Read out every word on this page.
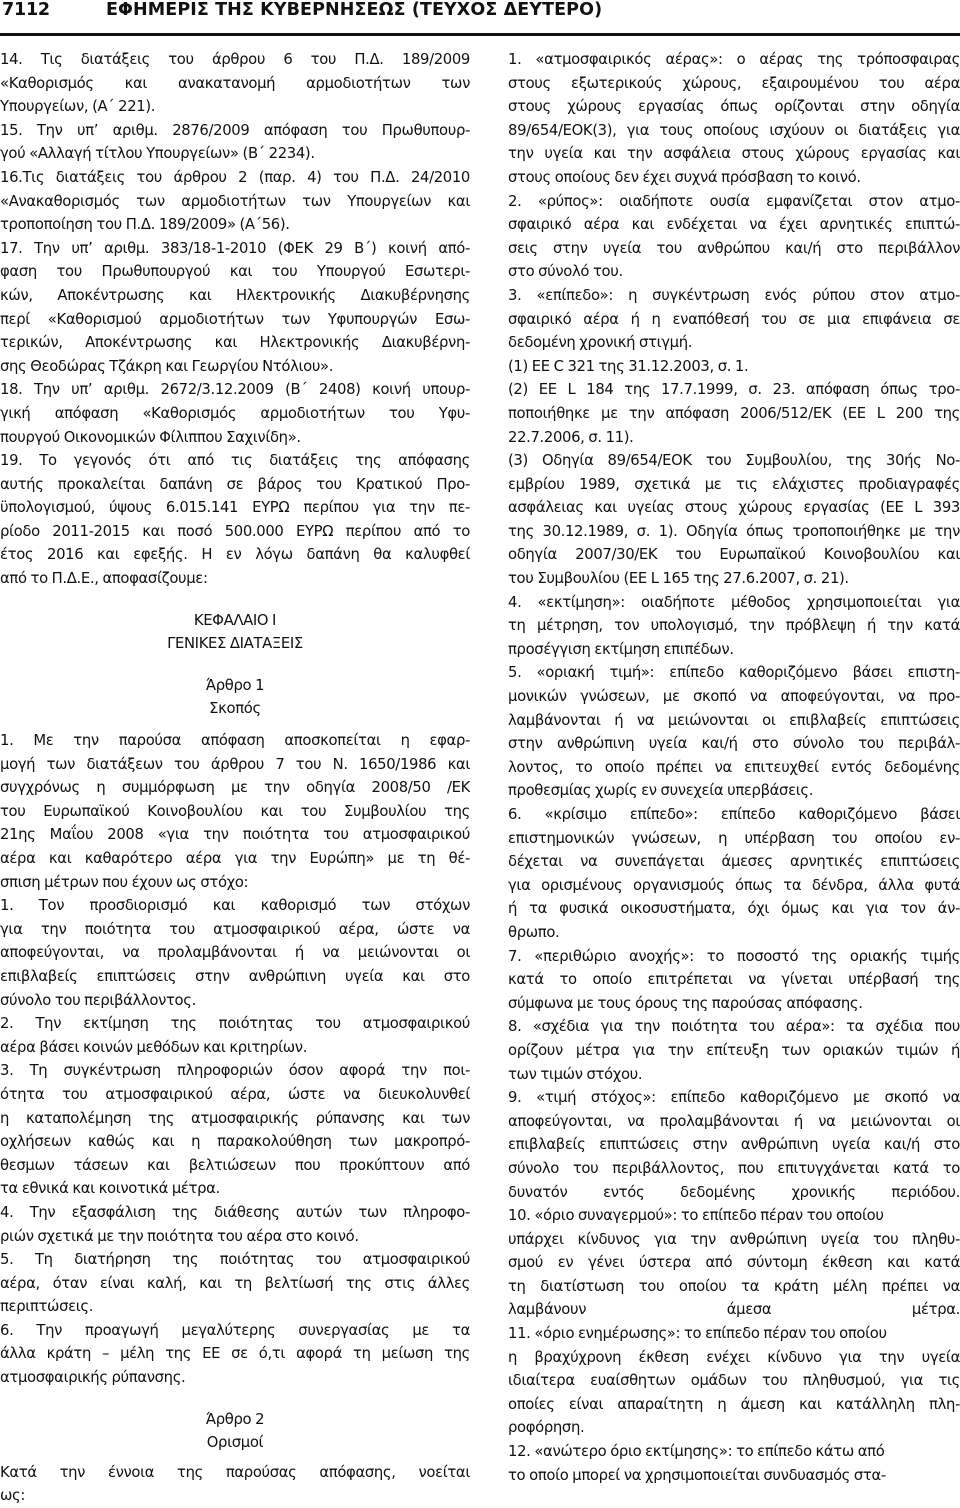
7112	ΕΦΗΜΕΡΙΣ ΤΗΣ ΚΥΒΕΡΝΗΣΕΩΣ (ΤΕΥΧΟΣ ΔΕΥΤΕΡΟ)
14. Τις διατάξεις του άρθρου 6 του Π.Δ. 189/2009
«Καθορισμός και ανακατανομή αρμοδιοτήτων των
Υπουργείων, (Α΄ 221).
15. Την υπ’ αριθμ. 2876/2009 απόφαση του Πρωθυπουρ-
γού «Αλλαγή τίτλου Υπουργείων» (Β΄ 2234).
16.Τις διατάξεις του άρθρου 2 (παρ. 4) του Π.Δ. 24/2010
«Ανακαθορισμός των αρμοδιοτήτων των Υπουργείων και
τροποποίηση του Π.Δ. 189/2009» (Α΄56).
17. Την υπ’ αριθμ. 383/18-1-2010 (ΦΕΚ 29 Β΄) κοινή από-
φαση του Πρωθυπουργού και του Υπουργού Εσωτερι-
κών, Αποκέντρωσης και Ηλεκτρονικής Διακυβέρνησης
περί «Καθορισμού αρμοδιοτήτων των Υφυπουργών Εσω-
τερικών, Αποκέντρωσης και Ηλεκτρονικής Διακυβέρνη-
σης Θεοδώρας Τζάκρη και Γεωργίου Ντόλιου».
18. Την υπ’ αριθμ. 2672/3.12.2009 (Β΄ 2408) κοινή υπουρ-
γική απόφαση «Καθορισμός αρμοδιοτήτων του Υφυ-
πουργού Οικονομικών Φίλιππου Σαχινίδη».
19. Το γεγονός ότι από τις διατάξεις της απόφασης
αυτής προκαλείται δαπάνη σε βάρος του Κρατικού Προ-
ϋπολογισμού, ύψους 6.015.141 ΕΥΡΩ περίπου για την πε-
ρίοδο 2011-2015 και ποσό 500.000 ΕΥΡΩ περίπου από το
έτος 2016 και εφεξής. Η εν λόγω δαπάνη θα καλυφθεί
από το Π.Δ.Ε., αποφασίζουμε:
ΚΕΦΑΛΑΙΟ Ι
ΓΕΝΙΚΕΣ ΔΙΑΤΑΞΕΙΣ
Άρθρο 1
Σκοπός
1. Με την παρούσα απόφαση αποσκοπείται η εφαρ-
μογή των διατάξεων του άρθρου 7 του Ν. 1650/1986 και
συγχρόνως η συμμόρφωση με την οδηγία 2008/50 /ΕΚ
του Ευρωπαϊκού Κοινοβουλίου και του Συμβουλίου της
21ης Μαΐου 2008 «για την ποιότητα του ατμοσφαιρικού
αέρα και καθαρότερο αέρα για την Ευρώπη» με τη θέ-
σπιση μέτρων που έχουν ως στόχο:
1. Τον προσδιορισμό και καθορισμό των στόχων
για την ποιότητα του ατμοσφαιρικού αέρα, ώστε να
αποφεύγονται, να προλαμβάνονται ή να μειώνονται οι
επιβλαβείς επιπτώσεις στην ανθρώπινη υγεία και στο
σύνολο του περιβάλλοντος.
2. Την εκτίμηση της ποιότητας του ατμοσφαιρικού
αέρα βάσει κοινών μεθόδων και κριτηρίων.
3. Τη συγκέντρωση πληροφοριών όσον αφορά την ποι-
ότητα του ατμοσφαιρικού αέρα, ώστε να διευκολυνθεί
η καταπολέμηση της ατμοσφαιρικής ρύπανσης και των
οχλήσεων καθώς και η παρακολούθηση των μακροπρό-
θεσμων τάσεων και βελτιώσεων που προκύπτουν από
τα εθνικά και κοινοτικά μέτρα.
4. Την εξασφάλιση της διάθεσης αυτών των πληροφο-
ριών σχετικά με την ποιότητα του αέρα στο κοινό.
5. Τη διατήρηση της ποιότητας του ατμοσφαιρικού
αέρα, όταν είναι καλή, και τη βελτίωσή της στις άλλες
περιπτώσεις.
6. Την προαγωγή μεγαλύτερης συνεργασίας με τα
άλλα κράτη – μέλη της ΕΕ σε ό,τι αφορά τη μείωση της
ατμοσφαιρικής ρύπανσης.
Άρθρο 2
Ορισμοί
Κατά την έννοια της παρούσας απόφασης, νοείται
ως:
1. «ατμοσφαιρικός αέρας»: ο αέρας της τρόποσφαιρας
στους εξωτερικούς χώρους, εξαιρουμένου του αέρα
στους χώρους εργασίας όπως ορίζονται στην οδηγία
89/654/ΕΟΚ(3), για τους οποίους ισχύουν οι διατάξεις για
την υγεία και την ασφάλεια στους χώρους εργασίας και
στους οποίους δεν έχει συχνά πρόσβαση το κοινό.
2. «ρύπος»: οιαδήποτε ουσία εμφανίζεται στον ατμο-
σφαιρικό αέρα και ενδέχεται να έχει αρνητικές επιπτώ-
σεις στην υγεία του ανθρώπου και/ή στο περιβάλλον
στο σύνολό του.
3. «επίπεδο»: η συγκέντρωση ενός ρύπου στον ατμο-
σφαιρικό αέρα ή η εναπόθεσή του σε μια επιφάνεια σε
δεδομένη χρονική στιγμή.
(1) ΕΕ C 321 της 31.12.2003, σ. 1.
(2) ΕΕ L 184 της 17.7.1999, σ. 23. απόφαση όπως τρο-
ποποιήθηκε με την απόφαση 2006/512/ΕΚ (ΕΕ L 200 της
22.7.2006, σ. 11).
(3) Οδηγία 89/654/ΕΟΚ του Συμβουλίου, της 30ής Νο-
εμβρίου 1989, σχετικά με τις ελάχιστες προδιαγραφές
ασφάλειας και υγείας στους χώρους εργασίας (ΕΕ L 393
της 30.12.1989, σ. 1). Οδηγία όπως τροποποιήθηκε με την
οδηγία 2007/30/ΕΚ του Ευρωπαϊκού Κοινοβουλίου και
του Συμβουλίου (ΕΕ L 165 της 27.6.2007, σ. 21).
4. «εκτίμηση»: οιαδήποτε μέθοδος χρησιμοποιείται για
τη μέτρηση, τον υπολογισμό, την πρόβλεψη ή την κατά
προσέγγιση εκτίμηση επιπέδων.
5. «οριακή τιμή»: επίπεδο καθοριζόμενο βάσει επιστη-
μονικών γνώσεων, με σκοπό να αποφεύγονται, να προ-
λαμβάνονται ή να μειώνονται οι επιβλαβείς επιπτώσεις
στην ανθρώπινη υγεία και/ή στο σύνολο του περιβάλ-
λοντος, το οποίο πρέπει να επιτευχθεί εντός δεδομένης
προθεσμίας χωρίς εν συνεχεία υπερβάσεις.
6. «κρίσιμο επίπεδο»: επίπεδο καθοριζόμενο βάσει
επιστημονικών γνώσεων, η υπέρβαση του οποίου εν-
δέχεται να συνεπάγεται άμεσες αρνητικές επιπτώσεις
για ορισμένους οργανισμούς όπως τα δένδρα, άλλα φυτά
ή τα φυσικά οικοσυστήματα, όχι όμως και για τον άν-
θρωπο.
7. «περιθώριο ανοχής»: το ποσοστό της οριακής τιμής
κατά το οποίο επιτρέπεται να γίνεται υπέρβασή της
σύμφωνα με τους όρους της παρούσας απόφασης.
8. «σχέδια για την ποιότητα του αέρα»: τα σχέδια που
ορίζουν μέτρα για την επίτευξη των οριακών τιμών ή
των τιμών στόχου.
9. «τιμή στόχος»: επίπεδο καθοριζόμενο με σκοπό να
αποφεύγονται, να προλαμβάνονται ή να μειώνονται οι
επιβλαβείς επιπτώσεις στην ανθρώπινη υγεία και/ή στο
σύνολο του περιβάλλοντος, που επιτυγχάνεται κατά το
δυνατόν εντός δεδομένης χρονικής περιόδου.
10. «όριο συναγερμού»: το επίπεδο πέραν του οποίου
υπάρχει κίνδυνος για την ανθρώπινη υγεία του πληθυ-
σμού εν γένει ύστερα από σύντομη έκθεση και κατά
τη διατίστωση του οποίου τα κράτη μέλη πρέπει να
λαμβάνουν άμεσα μέτρα.
11. «όριο ενημέρωσης»: το επίπεδο πέραν του οποίου
η βραχύχρονη έκθεση ενέχει κίνδυνο για την υγεία
ιδιαίτερα ευαίσθητων ομάδων του πληθυσμού, για τις
οποίες είναι απαραίτητη η άμεση και κατάλληλη πλη-
ροφόρηση.
12. «ανώτερο όριο εκτίμησης»: το επίπεδο κάτω από
το οποίο μπορεί να χρησιμοποιείται συνδυασμός στα-
